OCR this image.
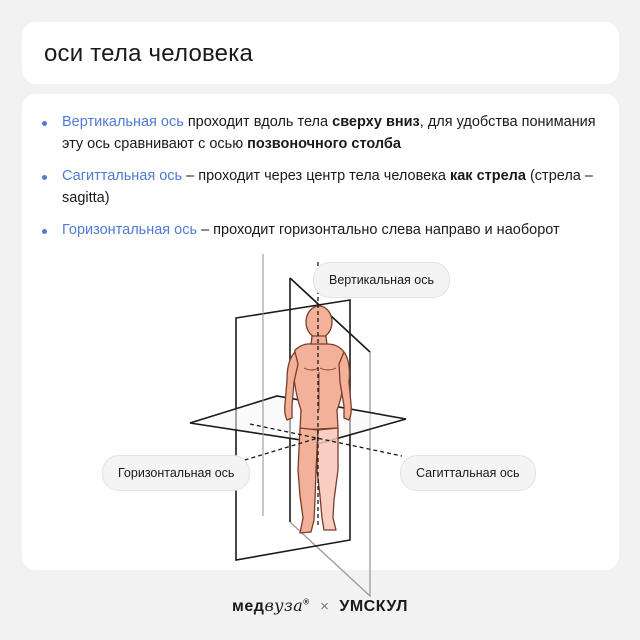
оси тела человека
Вертикальная ось проходит вдоль тела сверху вниз, для удобства понимания эту ось сравнивают с осью позвоночного столба
Сагиттальная ось – проходит через центр тела человека как стрела (стрела – sagitta)
Горизонтальная ось – проходит горизонтально слева направо и наоборот
Вертикальная ось
Горизонтальная ось	Сагиттальная ось
медвуза® × УМСКУЛ
